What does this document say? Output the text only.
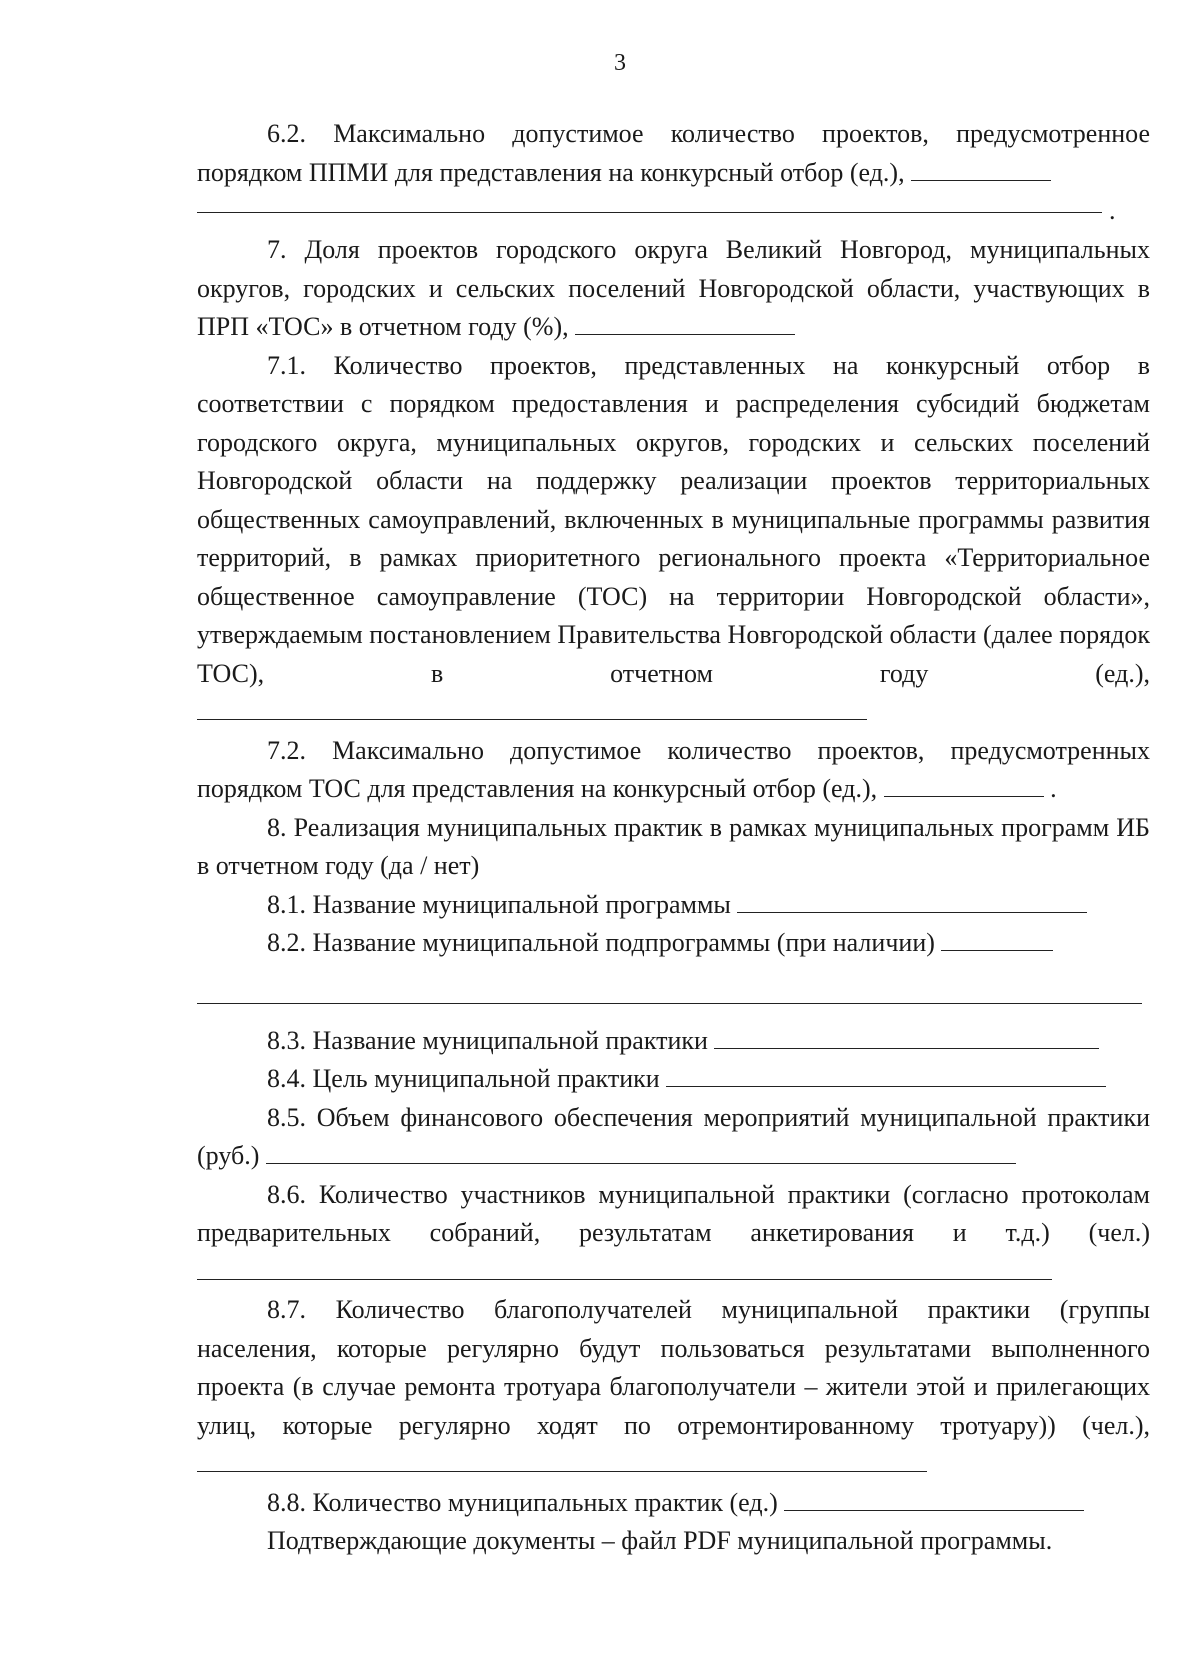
3

6.2. Максимально допустимое количество проектов, предусмотренное порядком ППМИ для представления на конкурсный отбор (ед.),

.

7. Доля проектов городского округа Великий Новгород, муниципальных округов, городских и сельских поселений Новгородской области, участвующих в ПРП «ТОС» в отчетном году (%),

7.1. Количество проектов, представленных на конкурсный отбор в соответствии с порядком предоставления и распределения субсидий бюджетам городского округа, муниципальных округов, городских и сельских поселений Новгородской области на поддержку реализации проектов территориальных общественных самоуправлений, включенных в муниципальные программы развития территорий, в рамках приоритетного регионального проекта «Территориальное общественное самоуправление (ТОС) на территории Новгородской области», утверждаемым постановлением Правительства Новгородской области (далее порядок ТОС), в отчетном году (ед.),

7.2. Максимально допустимое количество проектов, предусмотренных порядком ТОС для представления на конкурсный отбор (ед.),	.

8. Реализация муниципальных практик в рамках муниципальных программ ИБ в отчетном году (да / нет)

8.1. Название муниципальной программы

8.2. Название муниципальной подпрограммы (при наличии)

8.3. Название муниципальной практики

8.4. Цель муниципальной практики

8.5. Объем финансового обеспечения мероприятий муниципальной практики (руб.)

8.6. Количество участников муниципальной практики (согласно протоколам предварительных собраний, результатам анкетирования и т.д.) (чел.)

8.7. Количество благополучателей муниципальной практики (группы населения, которые регулярно будут пользоваться результатами выполненного проекта (в случае ремонта тротуара благополучатели – жители этой и прилегающих улиц, которые регулярно ходят по отремонтированному тротуару)) (чел.),

8.8. Количество муниципальных практик (ед.)

Подтверждающие документы – файл PDF муниципальной программы.
